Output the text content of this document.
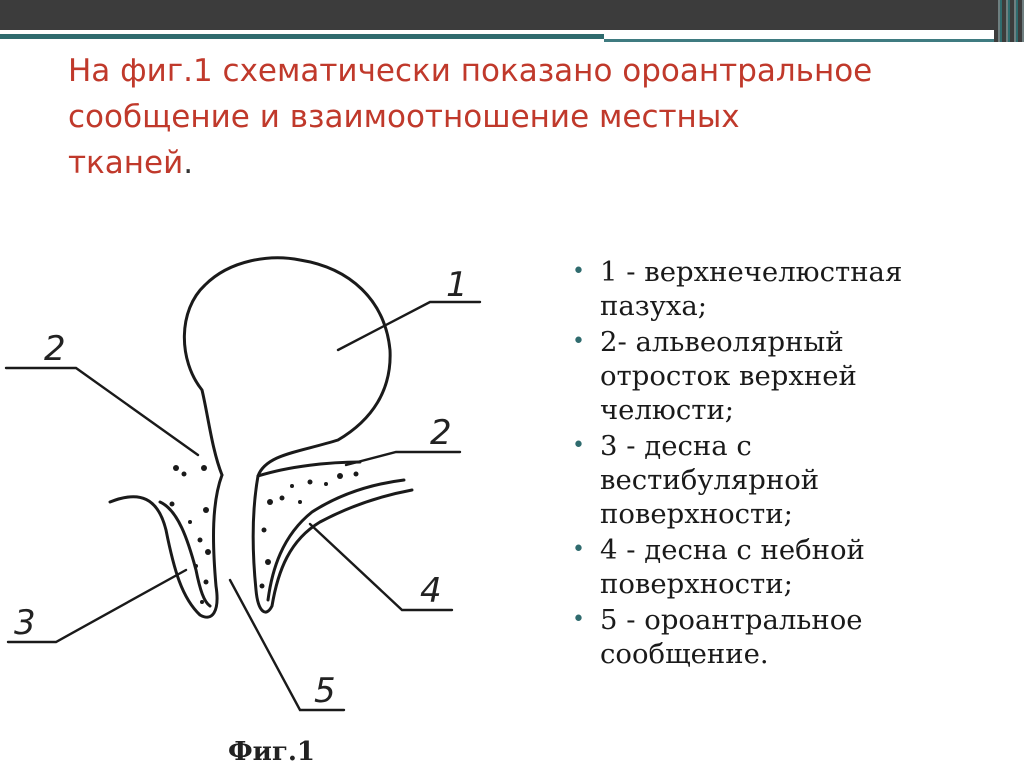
На фиг.1 схематически показано ороантральное
сообщение и взаимоотношение местных
тканей.
1
2
2
3
4
5
Фиг.1
• 1 - верхнечелюстная
пазуха;
• 2- альвеолярный
отросток верхней
челюсти;
• 3 - десна с
вестибулярной
поверхности;
• 4 - десна с небной
поверхности;
• 5 - ороантральное
сообщение.
